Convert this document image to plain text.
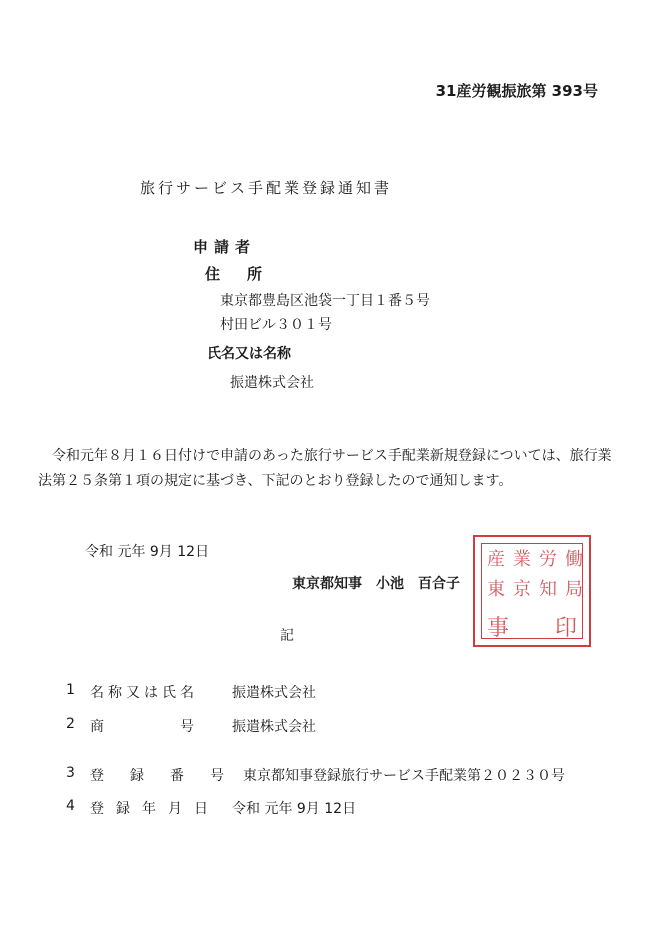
31産労観振旅第 393号
旅行サービス手配業登録通知書
申請者
住　所
東京都豊島区池袋一丁目１番５号
村田ビル３０１号
氏名又は名称
振遣株式会社

令和元年８月１６日付けで申請のあった旅行サービス手配業新規登録については、旅行業法第２５条第１項の規定に基づき、下記のとおり登録したので通知します。

令和 元年 9月 12日
東京都知事　小池　百合子
産 業 労 働
東 京 知 局
事 印
記
1 名称又は氏名 振遣株式会社
2 商　　　　号 振遣株式会社
3 登　録　番　号 東京都知事登録旅行サービス手配業第２０２３０号
4 登録年月日 令和 元年 9月 12日
